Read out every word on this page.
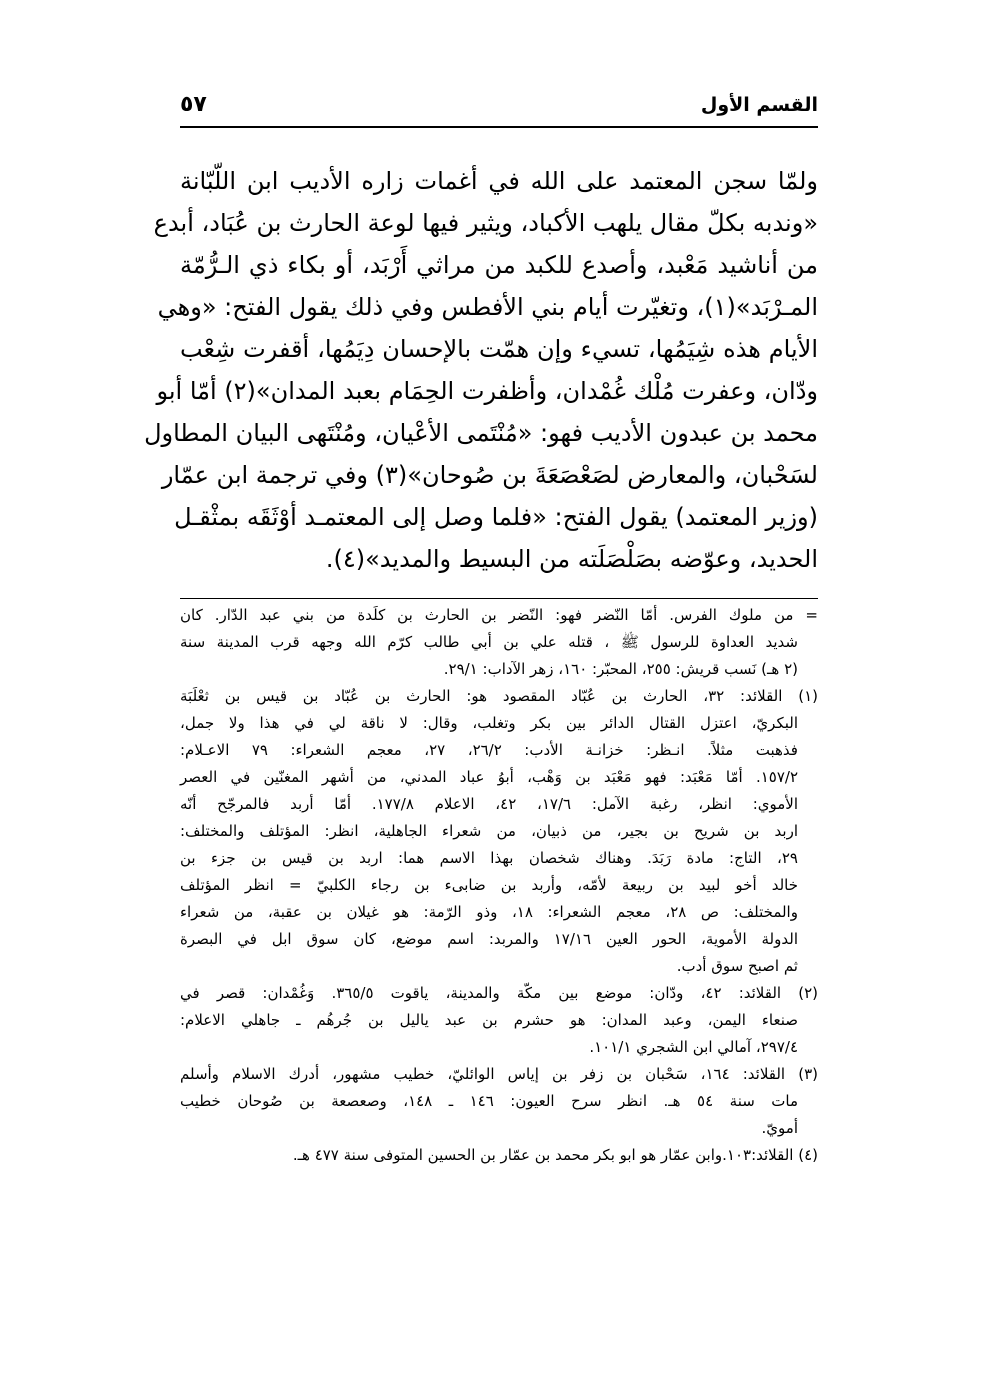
القسم الأول
٥٧
ولمّا سجن المعتمد على الله في أغمات زاره الأديب ابن اللّبّانة
«وندبه بكلّ مقال يلهب الأكباد، ويثير فيها لوعة الحارث بن عُبَاد، أبدع
من أناشيد مَعْبد، وأصدع للكبد من مراثي أَرْبَد، أو بكاء ذي الـرُّمّة
المـرْبَد»(١)، وتغيّرت أيام بني الأفطس وفي ذلك يقول الفتح: «وهي
الأيام هذه شِيَمُها، تسيء وإن همّت بالإحسان دِيَمُها، أقفرت شِعْب
ودّان، وعفرت مُلْك غُمْدان، وأظفرت الحِمَام بعبد المدان»(٢) أمّا أبو
محمد بن عبدون الأديب فهو: «مُنْتَمى الأعْيان، ومُنْتَهى البيان المطاول
لسَحْبان، والمعارض لصَعْصَعَةَ بن صُوحان»(٣) وفي ترجمة ابن عمّار
(وزير المعتمد) يقول الفتح: «فلما وصل إلى المعتمـد أوْثَقَه بمثْقـل
الحديد، وعوّضه بصَلْصَلَته من البسيط والمديد»(٤).
= من ملوك الفرس. أمّا النّضر فهو: النّضر بن الحارث بن كلَدة من بني عبد الدّار. كان
شديد العداوة للرسول ﷺ ، قتله علي بن أبي طالب كرّم الله وجهه قرب المدينة سنة
(٢ هـ) نَسب قريش: ٢٥٥، المحبّر: ١٦٠، زهر الآداب: ٢٩/١.
(١) القلائد: ٣٢، الحارث بن عُبّاد المقصود هو: الحارث بن عُبّاد بن قيس بن ثعْلَبَة
البكريّ، اعتزل القتال الدائر بين بكر وتغلب، وقال: لا ناقة لي في هذا ولا جمل،
فذهبت مثلاً. انـظر: خزانـة الأدب: ٢٦/٢، ٢٧، معجم الشعراء: ٧٩ الاعـلام:
١٥٧/٢. أمّا مَعْبَد: فهو مَعْبَد بن وَهْب، أبوُ عباد المدني، من أشهر المغنّين في العصر
الأموي: انظر، رغبة الآمل: ١٧/٦، ٤٢، الاعلام ١٧٧/٨. أمّا أربد فالمرجّح أنّه
اربد بن شريح بن بجير، من ذبيان، من شعراء الجاهلية، انظر: المؤتلف والمختلف:
٢٩، التاج: مادة رَبَدَ. وهناك شخصان بهذا الاسم هما: اربد بن قيس بن جزء بن
خالد أخو لبيد بن ربيعة لأمّه، وأربد بن ضابىء بن رجاء الكلبيّ = انظر المؤتلف
والمختلف: ص ٢٨، معجم الشعراء: ١٨، وذو الرّمة: هو غيلان بن عقبة، من شعراء
الدولة الأموية، الحور العين ١٧/١٦ والمربد: اسم موضع، كان سوق ابل في البصرة
ثم اصبح سوق أدب.
(٢) القلائد: ٤٢، ودّان: موضع بين مكّة والمدينة، ياقوت ٣٦٥/٥. وَغُمْدان: قصر في
صنعاء اليمن، وعبد المدان: هو حشرم بن عبد ياليل بن جُرهُم ـ جاهلي الاعلام:
٢٩٧/٤، آمالي ابن الشجري ١٠١/١.
(٣) القلائد: ١٦٤، سَحْبان بن زفر بن إياس الوائليّ، خطيب مشهور، أدرك الاسلام وأسلم
مات سنة ٥٤ هـ. انظر سرح العيون: ١٤٦ ـ ١٤٨، وصعصعة بن صُوحان خطيب
أمويّ.
(٤) القلائد:١٠٣.وابن عمّار هو ابو بكر محمد بن عمّار بن الحسين المتوفى سنة ٤٧٧ هـ.
